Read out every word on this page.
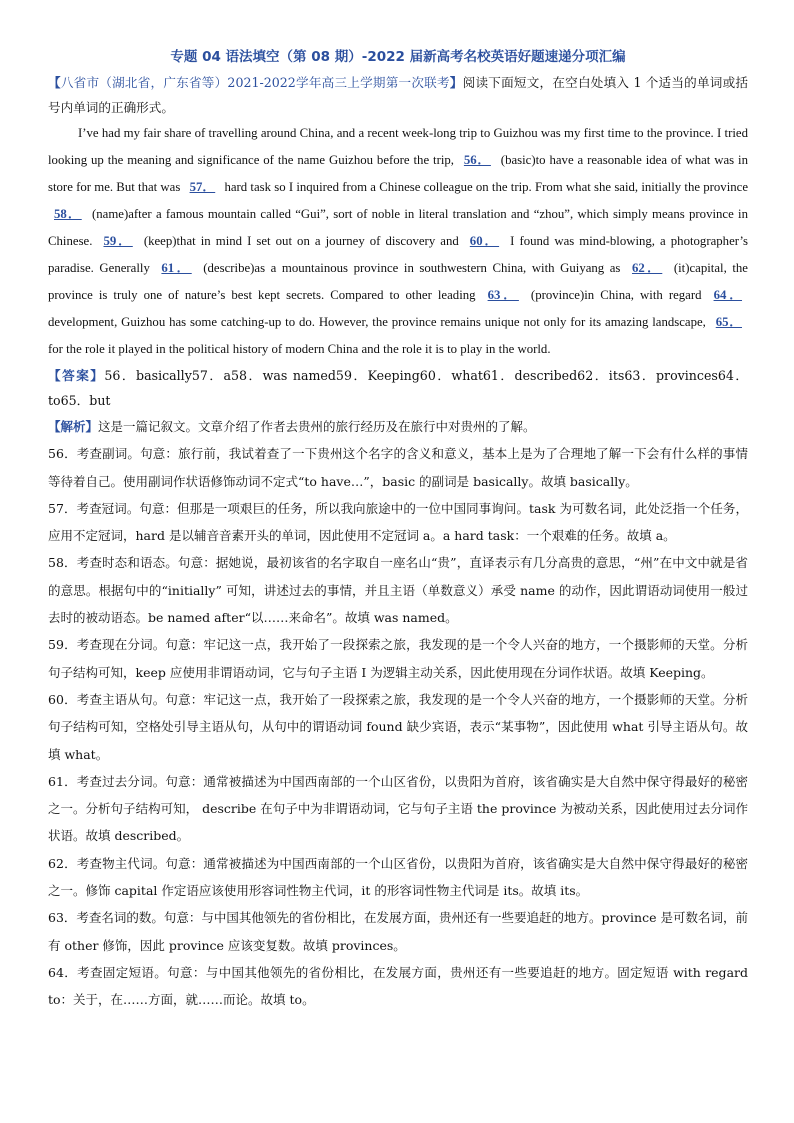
专题 04 语法填空（第 08 期）-2022 届新高考名校英语好题速递分项汇编

【八省市（湖北省，广东省等）2021-2022学年高三上学期第一次联考】阅读下面短文，在空白处填入 1 个适当的单词或括号内单词的正确形式。

I’ve had my fair share of travelling around China, and a recent week-long trip to Guizhou was my first time to the province. I tried looking up the meaning and significance of the name Guizhou before the trip, 56． (basic)to have a reasonable idea of what was in store for me. But that was 57． hard task so I inquired from a Chinese colleague on the trip. From what she said, initially the province 58． (name)after a famous mountain called “Gui”, sort of noble in literal translation and “zhou”, which simply means province in Chinese. 59． (keep)that in mind I set out on a journey of discovery and 60． I found was mind-blowing, a photographer’s paradise. Generally 61． (describe)as a mountainous province in southwestern China, with Guiyang as 62． (it)capital, the province is truly one of nature’s best kept secrets. Compared to other leading 63． (province)in China, with regard 64． development, Guizhou has some catching-up to do. However, the province remains unique not only for its amazing landscape, 65． for the role it played in the political history of modern China and the role it is to play in the world.

【答案】56．basically57．a58．was named59．Keeping60．what61．described62．its63．provinces64．to65．but

【解析】这是一篇记叙文。文章介绍了作者去贵州的旅行经历及在旅行中对贵州的了解。

56．考查副词。句意：旅行前，我试着查了一下贵州这个名字的含义和意义，基本上是为了合理地了解一下会有什么样的事情等待着自己。使用副词作状语修饰动词不定式“to have…”，basic 的副词是 basically。故填 basically。

57．考查冠词。句意：但那是一项艰巨的任务，所以我向旅途中的一位中国同事询问。task 为可数名词，此处泛指一个任务，应用不定冠词，hard 是以辅音音素开头的单词，因此使用不定冠词 a。a hard task：一个艰难的任务。故填 a。

58．考查时态和语态。句意：据她说，最初该省的名字取自一座名山“贵”，直译表示有几分高贵的意思，“州”在中文中就是省的意思。根据句中的“initially” 可知，讲述过去的事情，并且主语（单数意义）承受 name 的动作，因此谓语动词使用一般过去时的被动语态。be named after“以……来命名”。故填 was named。

59．考查现在分词。句意：牢记这一点，我开始了一段探索之旅，我发现的是一个令人兴奋的地方，一个摄影师的天堂。分析句子结构可知，keep 应使用非谓语动词，它与句子主语 I 为逻辑主动关系，因此使用现在分词作状语。故填 Keeping。

60．考查主语从句。句意：牢记这一点，我开始了一段探索之旅，我发现的是一个令人兴奋的地方，一个摄影师的天堂。分析句子结构可知，空格处引导主语从句，从句中的谓语动词 found 缺少宾语，表示“某事物”，因此使用 what 引导主语从句。故填 what。

61．考查过去分词。句意：通常被描述为中国西南部的一个山区省份，以贵阳为首府，该省确实是大自然中保守得最好的秘密之一。分析句子结构可知， describe 在句子中为非谓语动词，它与句子主语 the province 为被动关系，因此使用过去分词作状语。故填 described。

62．考查物主代词。句意：通常被描述为中国西南部的一个山区省份，以贵阳为首府，该省确实是大自然中保守得最好的秘密之一。修饰 capital 作定语应该使用形容词性物主代词，it 的形容词性物主代词是 its。故填 its。

63．考查名词的数。句意：与中国其他领先的省份相比，在发展方面，贵州还有一些要追赶的地方。province 是可数名词，前有 other 修饰，因此 province 应该变复数。故填 provinces。

64．考查固定短语。句意：与中国其他领先的省份相比，在发展方面，贵州还有一些要追赶的地方。固定短语 with regard to：关于，在……方面，就……而论。故填 to。
